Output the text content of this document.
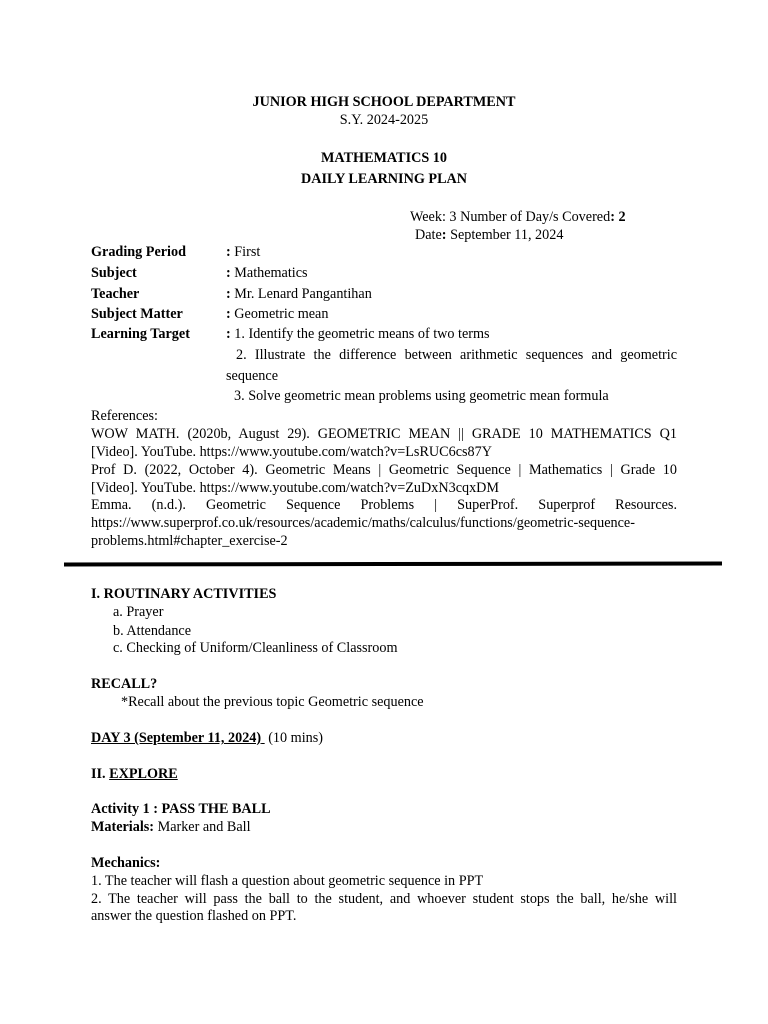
JUNIOR HIGH SCHOOL DEPARTMENT
S.Y. 2024-2025
MATHEMATICS 10
DAILY LEARNING PLAN
Week: 3 Number of Day/s Covered: 2
Date: September 11, 2024
Grading Period	: First
Subject	: Mathematics
Teacher	: Mr. Lenard Pangantihan
Subject Matter	: Geometric mean
Learning Target	: 1. Identify the geometric means of two terms
2. Illustrate the difference between arithmetic sequences and geometric
sequence
3. Solve geometric mean problems using geometric mean formula
References:
WOW MATH. (2020b, August 29). GEOMETRIC MEAN || GRADE 10 MATHEMATICS Q1
[Video]. YouTube. https://www.youtube.com/watch?v=LsRUC6cs87Y
Prof D. (2022, October 4). Geometric Means | Geometric Sequence | Mathematics | Grade 10
[Video]. YouTube. https://www.youtube.com/watch?v=ZuDxN3cqxDM
Emma. (n.d.). Geometric Sequence Problems | SuperProf. Superprof Resources.
https://www.superprof.co.uk/resources/academic/maths/calculus/functions/geometric-sequence-
problems.html#chapter_exercise-2
I. ROUTINARY ACTIVITIES
a. Prayer
b. Attendance
c. Checking of Uniform/Cleanliness of Classroom
RECALL?
*Recall about the previous topic Geometric sequence
DAY 3 (September 11, 2024) (10 mins)
II. EXPLORE
Activity 1 : PASS THE BALL
Materials: Marker and Ball
Mechanics:
1. The teacher will flash a question about geometric sequence in PPT
2. The teacher will pass the ball to the student, and whoever student stops the ball, he/she will
answer the question flashed on PPT.
